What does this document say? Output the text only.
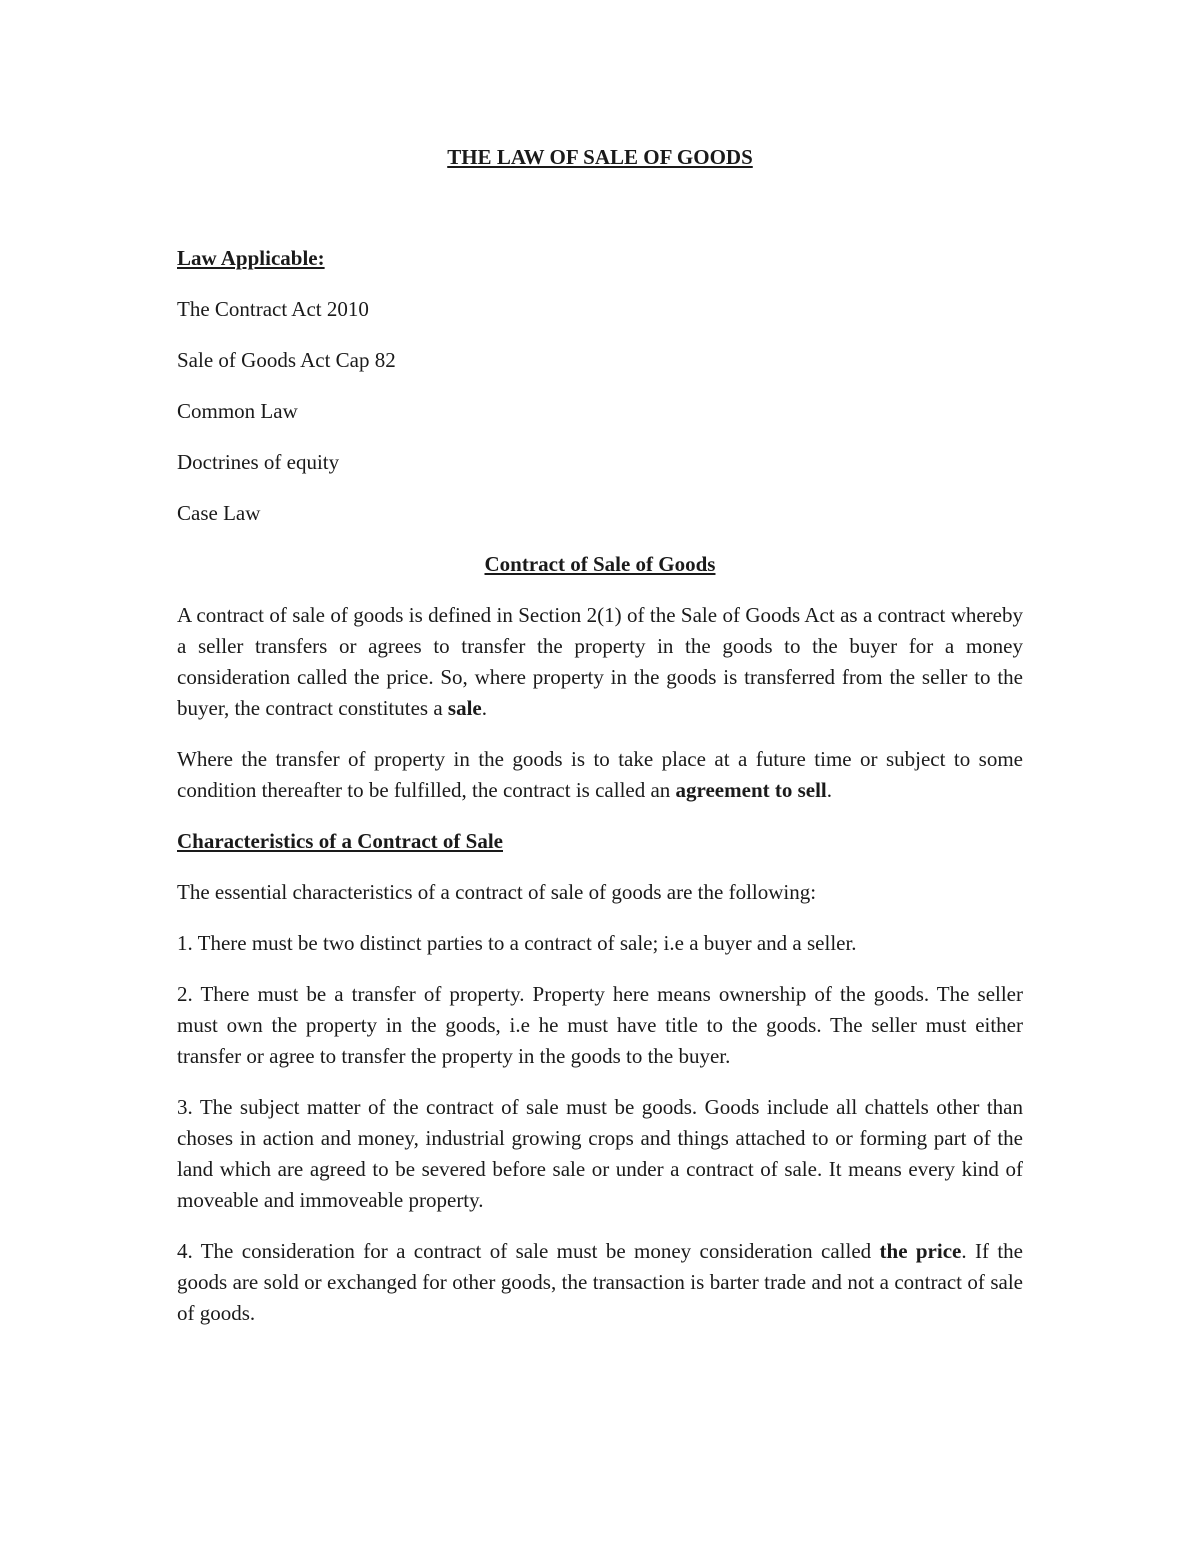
THE LAW OF SALE OF GOODS

Law Applicable:

The Contract Act 2010

Sale of Goods Act Cap 82

Common Law

Doctrines of equity

Case Law

Contract of Sale of Goods

A contract of sale of goods is defined in Section 2(1) of the Sale of Goods Act as a contract whereby a seller transfers or agrees to transfer the property in the goods to the buyer for a money consideration called the price. So, where property in the goods is transferred from the seller to the buyer, the contract constitutes a sale.

Where the transfer of property in the goods is to take place at a future time or subject to some condition thereafter to be fulfilled, the contract is called an agreement to sell.

Characteristics of a Contract of Sale

The essential characteristics of a contract of sale of goods are the following:

1. There must be two distinct parties to a contract of sale; i.e a buyer and a seller.

2. There must be a transfer of property. Property here means ownership of the goods. The seller must own the property in the goods, i.e he must have title to the goods. The seller must either transfer or agree to transfer the property in the goods to the buyer.

3. The subject matter of the contract of sale must be goods. Goods include all chattels other than choses in action and money, industrial growing crops and things attached to or forming part of the land which are agreed to be severed before sale or under a contract of sale. It means every kind of moveable and immoveable property.

4. The consideration for a contract of sale must be money consideration called the price. If the goods are sold or exchanged for other goods, the transaction is barter trade and not a contract of sale of goods.
